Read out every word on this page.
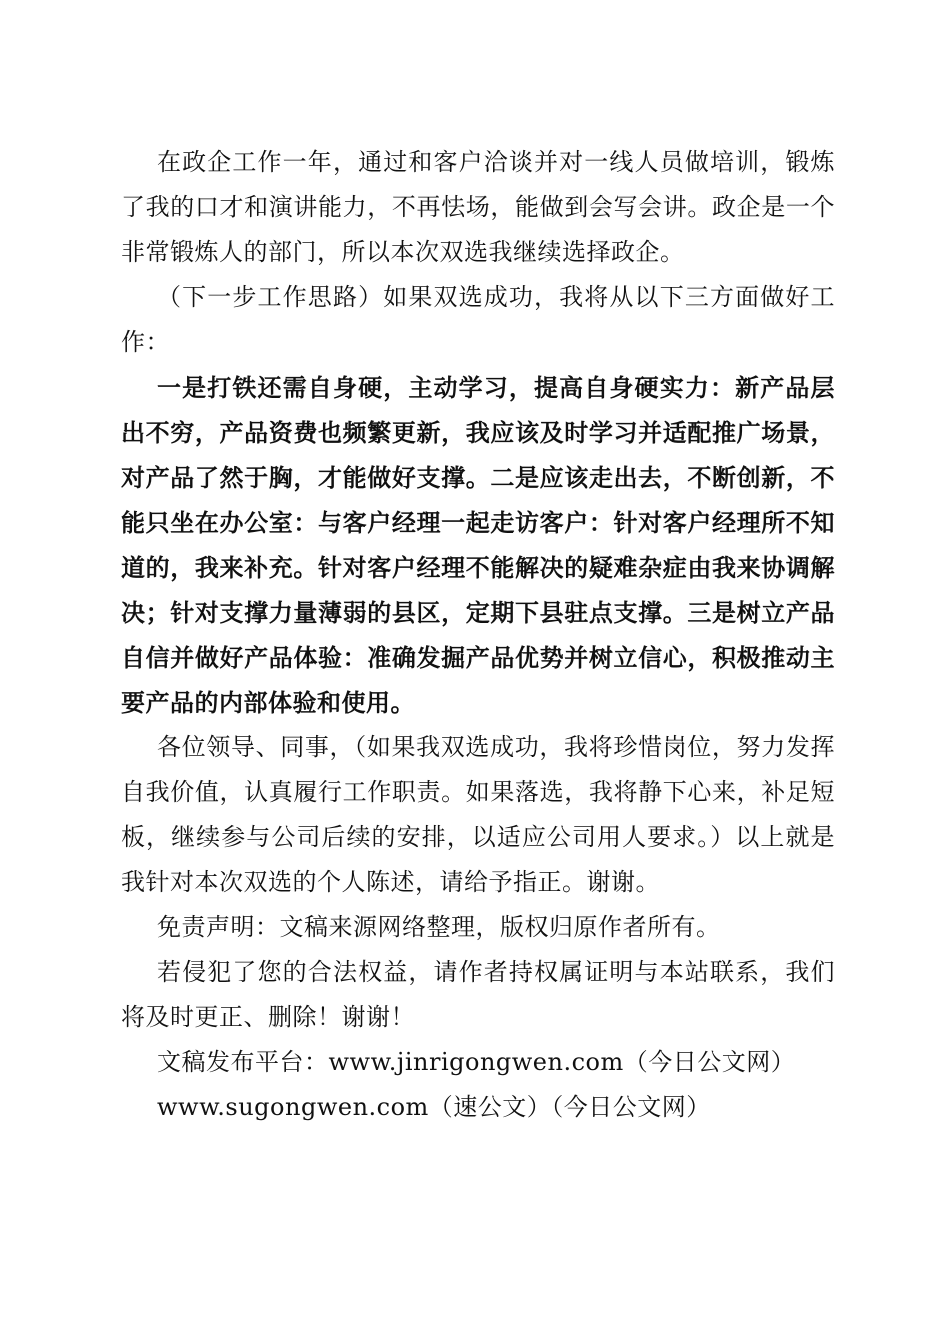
在政企工作一年，通过和客户洽谈并对一线人员做培训，锻炼了我的口才和演讲能力，不再怯场，能做到会写会讲。政企是一个非常锻炼人的部门，所以本次双选我继续选择政企。

（下一步工作思路）如果双选成功，我将从以下三方面做好工作：

一是打铁还需自身硬，主动学习，提高自身硬实力：新产品层出不穷，产品资费也频繁更新，我应该及时学习并适配推广场景，对产品了然于胸，才能做好支撑。二是应该走出去，不断创新，不能只坐在办公室：与客户经理一起走访客户：针对客户经理所不知道的，我来补充。针对客户经理不能解决的疑难杂症由我来协调解决；针对支撑力量薄弱的县区，定期下县驻点支撑。三是树立产品自信并做好产品体验：准确发掘产品优势并树立信心，积极推动主要产品的内部体验和使用。

各位领导、同事，（如果我双选成功，我将珍惜岗位，努力发挥自我价值，认真履行工作职责。如果落选，我将静下心来，补足短板，继续参与公司后续的安排，以适应公司用人要求。）以上就是我针对本次双选的个人陈述，请给予指正。谢谢。

免责声明：文稿来源网络整理，版权归原作者所有。

若侵犯了您的合法权益，请作者持权属证明与本站联系，我们将及时更正、删除！谢谢！

文稿发布平台：www.jinrigongwen.com（今日公文网）

www.sugongwen.com（速公文）（今日公文网）
